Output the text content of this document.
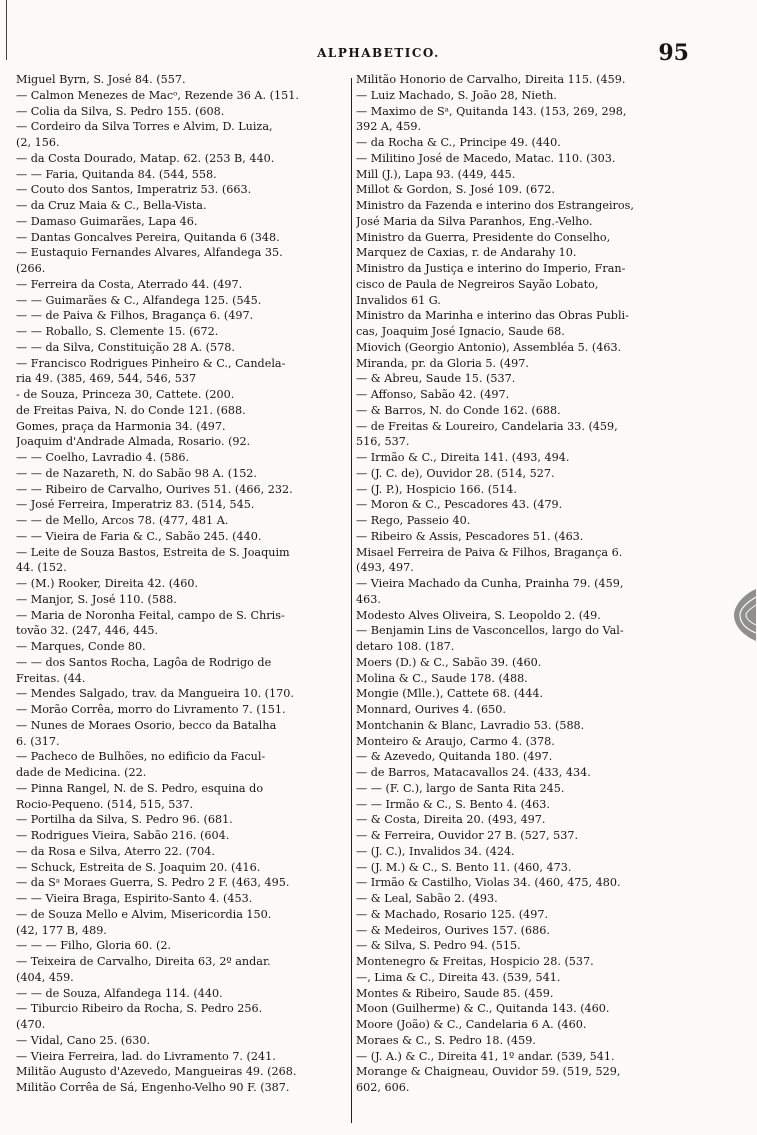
ALPHABETICO.	95
Miguel Byrn, S. José 84. (557.
— Calmon Menezes de Macᵒ, Rezende 36 A. (151.
— Colia da Silva, S. Pedro 155. (608.
— Cordeiro da Silva Torres e Alvim, D. Luiza,
(2, 156.
— da Costa Dourado, Matap. 62. (253 B, 440.
— — Faria, Quitanda 84. (544, 558.
— Couto dos Santos, Imperatriz 53. (663.
— da Cruz Maia & C., Bella-Vista.
— Damaso Guimarães, Lapa 46.
— Dantas Goncalves Pereira, Quitanda 6 (348.
— Eustaquio Fernandes Alvares, Alfandega 35.
(266.
— Ferreira da Costa, Aterrado 44. (497.
— — Guimarães & C., Alfandega 125. (545.
— — de Paiva & Filhos, Bragança 6. (497.
— — Roballo, S. Clemente 15. (672.
— — da Silva, Constituição 28 A. (578.
— Francisco Rodrigues Pinheiro & C., Candela-
ria 49. (385, 469, 544, 546, 537
- de Souza, Princeza 30, Cattete. (200.
de Freitas Paiva, N. do Conde 121. (688.
Gomes, praça da Harmonia 34. (497.
Joaquim d'Andrade Almada, Rosario. (92.
— — Coelho, Lavradio 4. (586.
— — de Nazareth, N. do Sabão 98 A. (152.
— — Ribeiro de Carvalho, Ourives 51. (466, 232.
— José Ferreira, Imperatriz 83. (514, 545.
— — de Mello, Arcos 78. (477, 481 A.
— — Vieira de Faria & C., Sabão 245. (440.
— Leite de Souza Bastos, Estreita de S. Joaquim
44. (152.
— (M.) Rooker, Direita 42. (460.
— Manjor, S. José 110. (588.
— Maria de Noronha Feital, campo de S. Chris-
tovão 32. (247, 446, 445.
— Marques, Conde 80.
— — dos Santos Rocha, Lagôa de Rodrigo de
Freitas. (44.
— Mendes Salgado, trav. da Mangueira 10. (170.
— Morão Corrêa, morro do Livramento 7. (151.
— Nunes de Moraes Osorio, becco da Batalha
6. (317.
— Pacheco de Bulhões, no edificio da Facul-
dade de Medicina. (22.
— Pinna Rangel, N. de S. Pedro, esquina do
Rocio-Pequeno. (514, 515, 537.
— Portilha da Silva, S. Pedro 96. (681.
— Rodrigues Vieira, Sabão 216. (604.
— da Rosa e Silva, Aterro 22. (704.
— Schuck, Estreita de S. Joaquim 20. (416.
— da Sᵃ Moraes Guerra, S. Pedro 2 F. (463, 495.
— — Vieira Braga, Espirito-Santo 4. (453.
— de Souza Mello e Alvim, Misericordia 150.
(42, 177 B, 489.
— — — Filho, Gloria 60. (2.
— Teixeira de Carvalho, Direita 63, 2º andar.
(404, 459.
— — de Souza, Alfandega 114. (440.
— Tiburcio Ribeiro da Rocha, S. Pedro 256.
(470.
— Vidal, Cano 25. (630.
— Vieira Ferreira, lad. do Livramento 7. (241.
Militão Augusto d'Azevedo, Mangueiras 49. (268.
Militão Corrêa de Sá, Engenho-Velho 90 F. (387.
Militão Honorio de Carvalho, Direita 115. (459.
— Luiz Machado, S. João 28, Nieth.
— Maximo de Sᵃ, Quitanda 143. (153, 269, 298,
392 A, 459.
— da Rocha & C., Principe 49. (440.
— Militino José de Macedo, Matac. 110. (303.
Mill (J.), Lapa 93. (449, 445.
Millot & Gordon, S. José 109. (672.
Ministro da Fazenda e interino dos Estrangeiros,
José Maria da Silva Paranhos, Eng.-Velho.
Ministro da Guerra, Presidente do Conselho,
Marquez de Caxias, r. de Andarahy 10.
Ministro da Justiça e interino do Imperio, Fran-
cisco de Paula de Negreiros Sayão Lobato,
Invalidos 61 G.
Ministro da Marinha e interino das Obras Publi-
cas, Joaquim José Ignacio, Saude 68.
Miovich (Georgio Antonio), Assembléa 5. (463.
Miranda, pr. da Gloria 5. (497.
— & Abreu, Saude 15. (537.
— Affonso, Sabão 42. (497.
— & Barros, N. do Conde 162. (688.
— de Freitas & Loureiro, Candelaria 33. (459,
516, 537.
— Irmão & C., Direita 141. (493, 494.
— (J. C. de), Ouvidor 28. (514, 527.
— (J. P.), Hospicio 166. (514.
— Moron & C., Pescadores 43. (479.
— Rego, Passeio 40.
— Ribeiro & Assis, Pescadores 51. (463.
Misael Ferreira de Paiva & Filhos, Bragança 6.
(493, 497.
— Vieira Machado da Cunha, Prainha 79. (459,
463.
Modesto Alves Oliveira, S. Leopoldo 2. (49.
— Benjamin Lins de Vasconcellos, largo do Val-
detaro 108. (187.
Moers (D.) & C., Sabão 39. (460.
Molina & C., Saude 178. (488.
Mongie (Mlle.), Cattete 68. (444.
Monnard, Ourives 4. (650.
Montchanin & Blanc, Lavradio 53. (588.
Monteiro & Araujo, Carmo 4. (378.
— & Azevedo, Quitanda 180. (497.
— de Barros, Matacavallos 24. (433, 434.
— — (F. C.), largo de Santa Rita 245.
— — Irmão & C., S. Bento 4. (463.
— & Costa, Direita 20. (493, 497.
— & Ferreira, Ouvidor 27 B. (527, 537.
— (J. C.), Invalidos 34. (424.
— (J. M.) & C., S. Bento 11. (460, 473.
— Irmão & Castilho, Violas 34. (460, 475, 480.
— & Leal, Sabão 2. (493.
— & Machado, Rosario 125. (497.
— & Medeiros, Ourives 157. (686.
— & Silva, S. Pedro 94. (515.
Montenegro & Freitas, Hospicio 28. (537.
—, Lima & C., Direita 43. (539, 541.
Montes & Ribeiro, Saude 85. (459.
Moon (Guilherme) & C., Quitanda 143. (460.
Moore (João) & C., Candelaria 6 A. (460.
Moraes & C., S. Pedro 18. (459.
— (J. A.) & C., Direita 41, 1º andar. (539, 541.
Morange & Chaigneau, Ouvidor 59. (519, 529,
602, 606.
